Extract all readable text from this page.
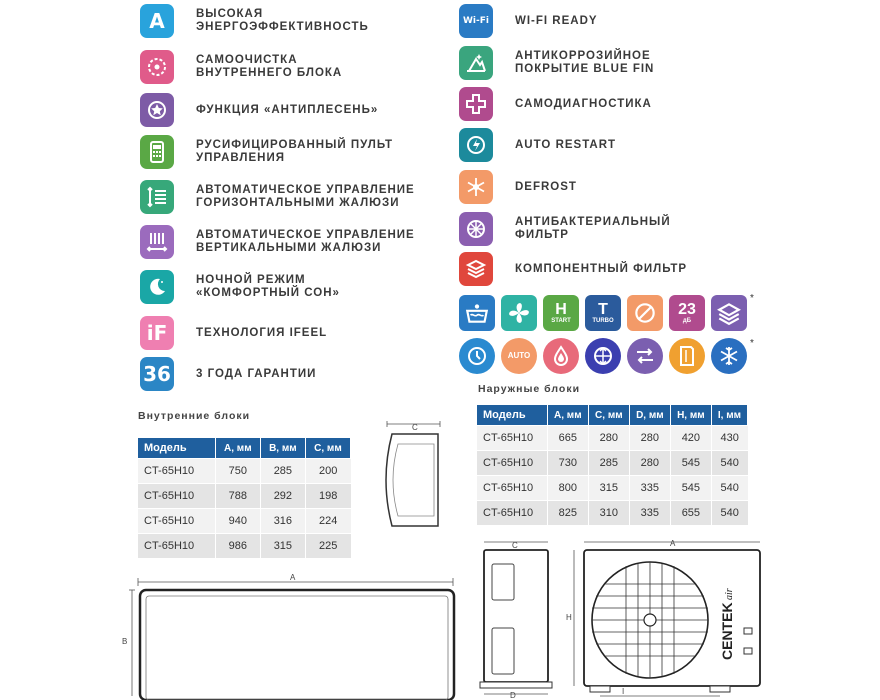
A	ВЫСОКАЯ
ЭНЕРГОЭФФЕКТИВНОСТЬ
САМООЧИСТКА
ВНУТРЕННЕГО БЛОКА
ФУНКЦИЯ «АНТИПЛЕСЕНЬ»
РУСИФИЦИРОВАННЫЙ ПУЛЬТ
УПРАВЛЕНИЯ
АВТОМАТИЧЕСКОЕ УПРАВЛЕНИЕ
ГОРИЗОНТАЛЬНЫМИ ЖАЛЮЗИ
АВТОМАТИЧЕСКОЕ УПРАВЛЕНИЕ
ВЕРТИКАЛЬНЫМИ ЖАЛЮЗИ
НОЧНОЙ РЕЖИМ
«КОМФОРТНЫЙ СОН»
iF	ТЕХНОЛОГИЯ IFEEL
36 3 ГОДА ГАРАНТИИ
Wi-Fi	WI-FI READY
АНТИКОРРОЗИЙНОЕ
ПОКРЫТИЕ BLUE FIN
САМОДИАГНОСТИКА
AUTO RESTART
DEFROST
АНТИБАКТЕРИАЛЬНЫЙ
ФИЛЬТР
КОМПОНЕНТНЫЙ ФИЛЬТР
H
START
T
TURBO
23
дБ
AUTO
*
*
Наружные блоки
Модель	A, мм	C, мм	D, мм	H, мм	I, мм
CT-65H10	665	280	280	420	430
CT-65H10	730	285	280	545	540
CT-65H10	800	315	335	545	540
CT-65H10	825	310	335	655	540
Внутренние блоки
Модель	A, мм	B, мм	C, мм
CT-65H10	750	285	200
CT-65H10	788	292	198
CT-65H10	940	316	224
CT-65H10	986	315	225
C
A
B
C
D
A
H	CENTEK
air
I
